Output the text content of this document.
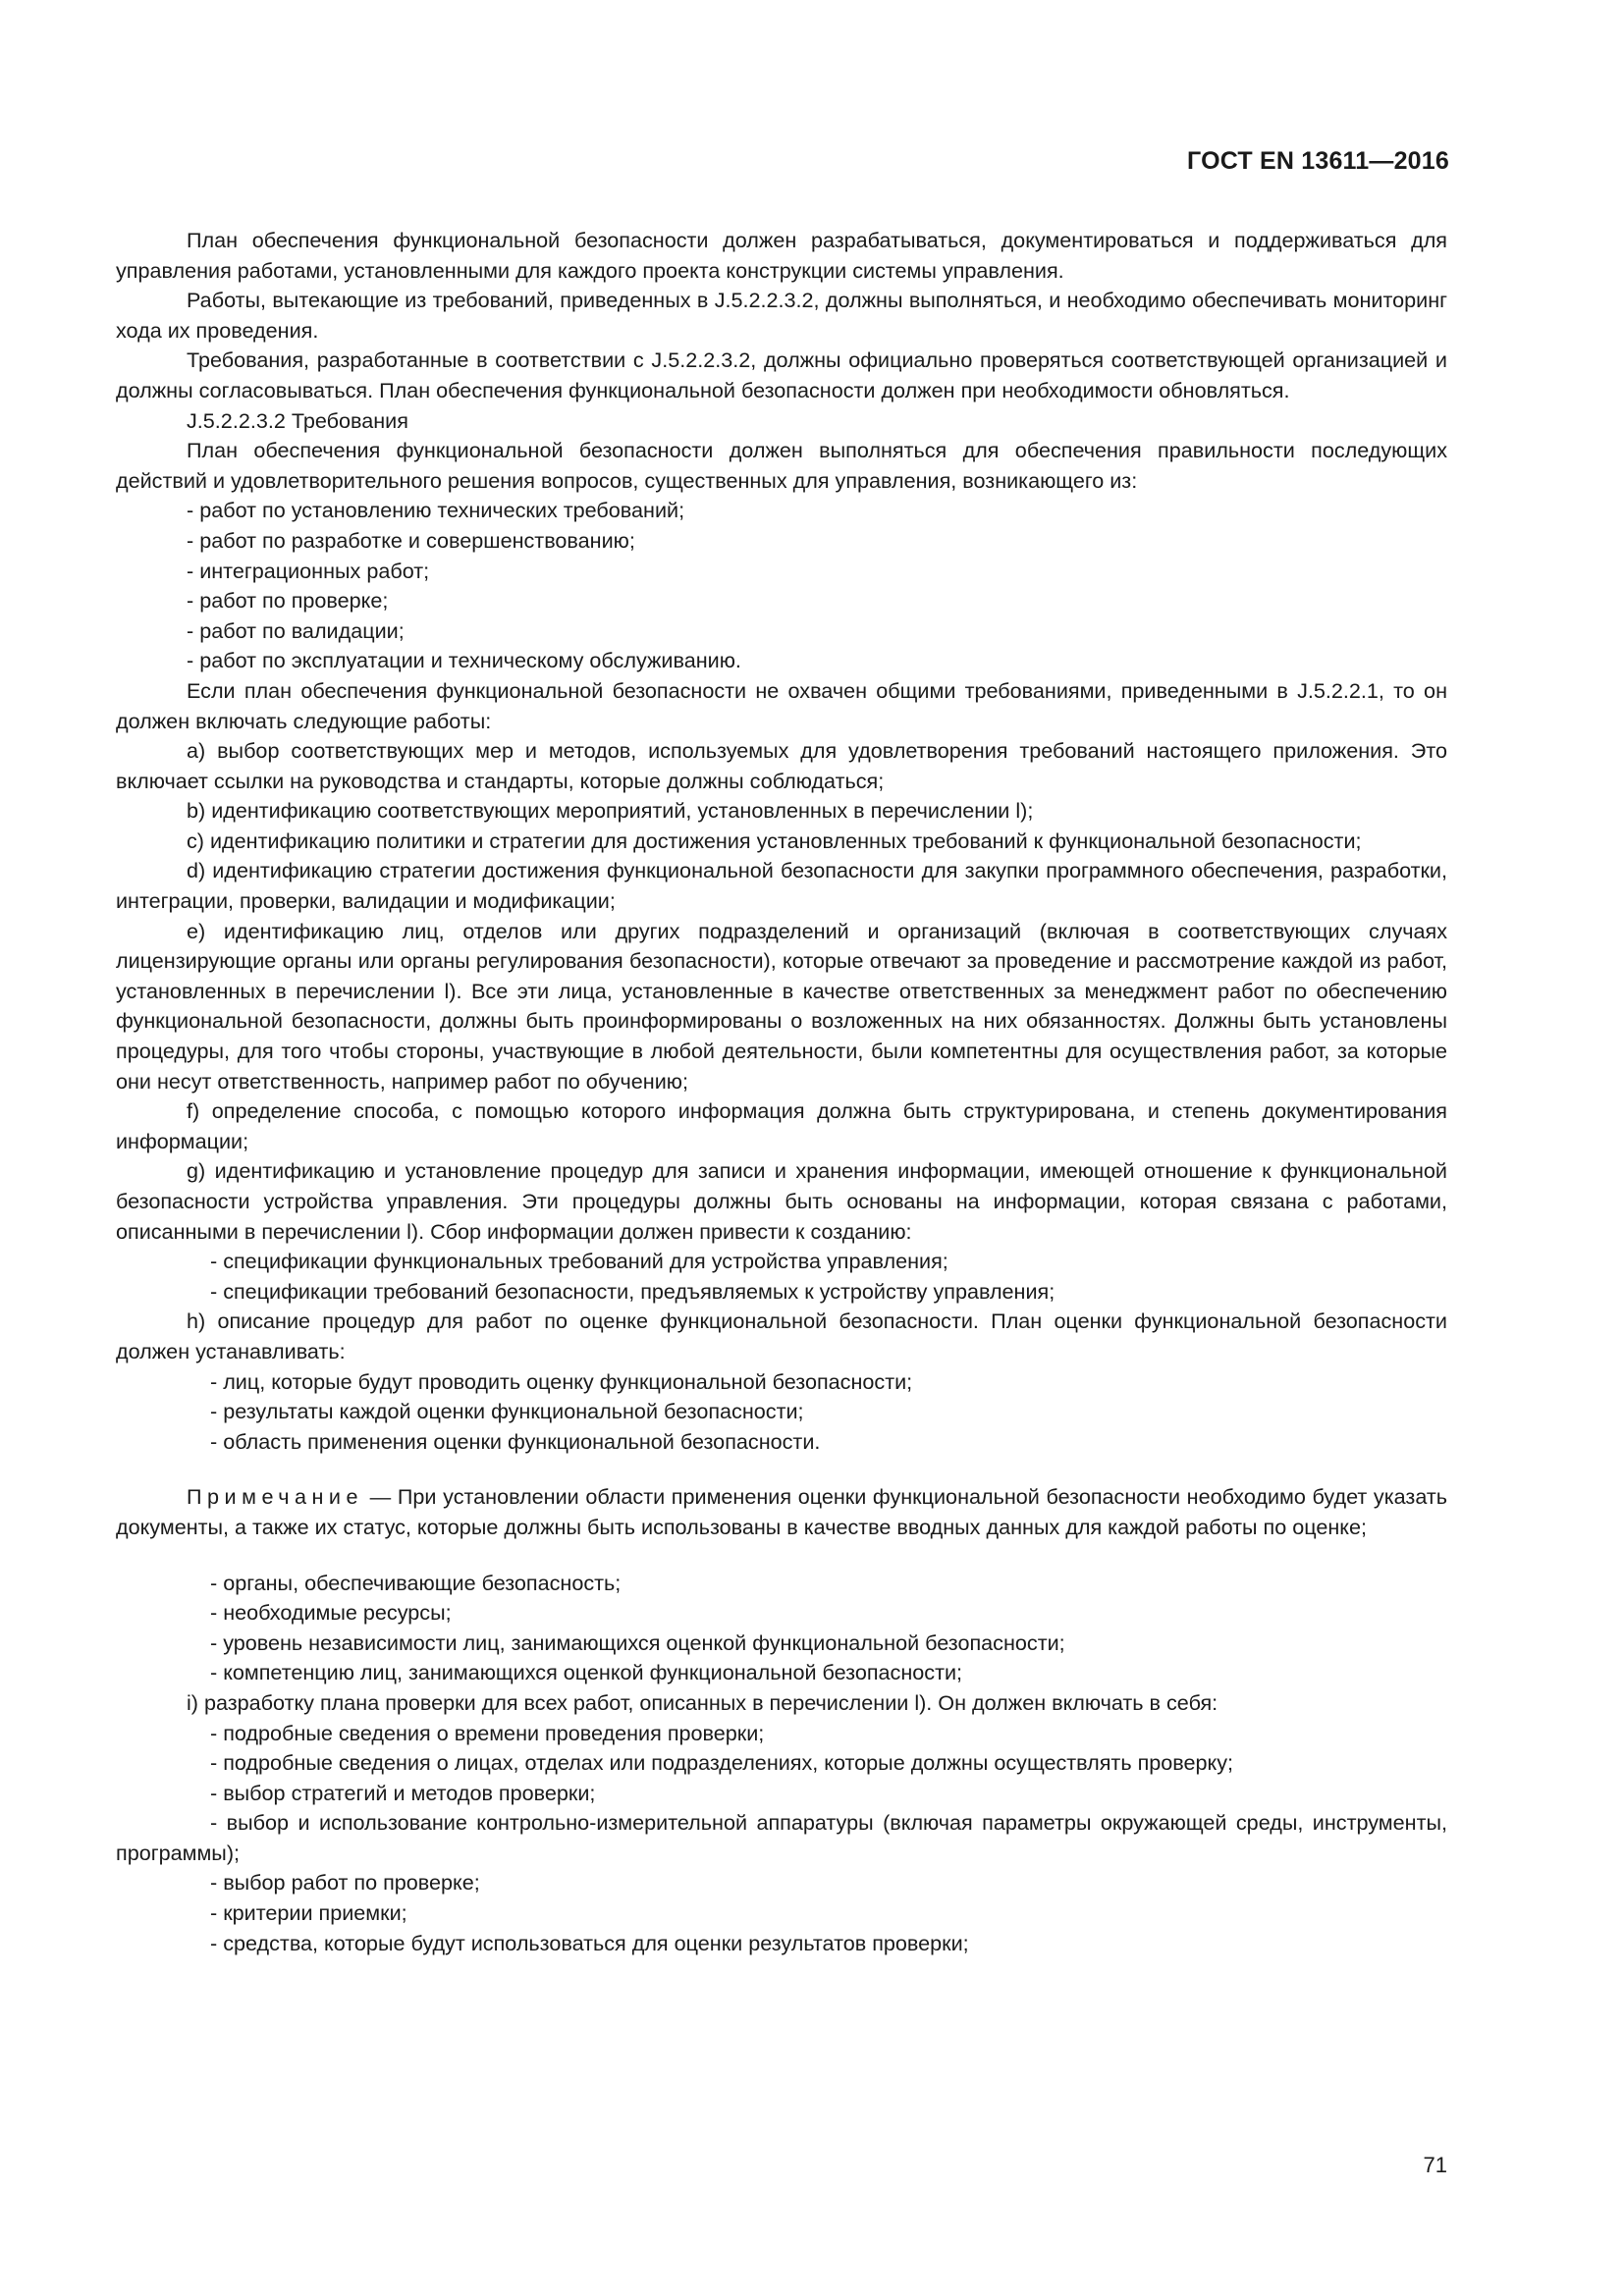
ГОСТ EN 13611—2016

План обеспечения функциональной безопасности должен разрабатываться, документироваться и поддерживаться для управления работами, установленными для каждого проекта конструкции системы управления.

Работы, вытекающие из требований, приведенных в J.5.2.2.3.2, должны выполняться, и необходимо обеспечивать мониторинг хода их проведения.

Требования, разработанные в соответствии с J.5.2.2.3.2, должны официально проверяться соответствующей организацией и должны согласовываться. План обеспечения функциональной безопасности должен при необходимости обновляться.

J.5.2.2.3.2 Требования

План обеспечения функциональной безопасности должен выполняться для обеспечения правильности последующих действий и удовлетворительного решения вопросов, существенных для управления, возникающего из:

- работ по установлению технических требований;

- работ по разработке и совершенствованию;

- интеграционных работ;

- работ по проверке;

- работ по валидации;

- работ по эксплуатации и техническому обслуживанию.

Если план обеспечения функциональной безопасности не охвачен общими требованиями, приведенными в J.5.2.2.1, то он должен включать следующие работы:

a) выбор соответствующих мер и методов, используемых для удовлетворения требований настоящего приложения. Это включает ссылки на руководства и стандарты, которые должны соблюдаться;

b) идентификацию соответствующих мероприятий, установленных в перечислении l);

c) идентификацию политики и стратегии для достижения установленных требований к функциональной безопасности;

d) идентификацию стратегии достижения функциональной безопасности для закупки программного обеспечения, разработки, интеграции, проверки, валидации и модификации;

e) идентификацию лиц, отделов или других подразделений и организаций (включая в соответствующих случаях лицензирующие органы или органы регулирования безопасности), которые отвечают за проведение и рассмотрение каждой из работ, установленных в перечислении l). Все эти лица, установленные в качестве ответственных за менеджмент работ по обеспечению функциональной безопасности, должны быть проинформированы о возложенных на них обязанностях. Должны быть установлены процедуры, для того чтобы стороны, участвующие в любой деятельности, были компетентны для осуществления работ, за которые они несут ответственность, например работ по обучению;

f) определение способа, с помощью которого информация должна быть структурирована, и степень документирования информации;

g) идентификацию и установление процедур для записи и хранения информации, имеющей отношение к функциональной безопасности устройства управления. Эти процедуры должны быть основаны на информации, которая связана с работами, описанными в перечислении l). Сбор информации должен привести к созданию:

- спецификации функциональных требований для устройства управления;

- спецификации требований безопасности, предъявляемых к устройству управления;

h) описание процедур для работ по оценке функциональной безопасности. План оценки функциональной безопасности должен устанавливать:

- лиц, которые будут проводить оценку функциональной безопасности;

- результаты каждой оценки функциональной безопасности;

- область применения оценки функциональной безопасности.

Примечание — При установлении области применения оценки функциональной безопасности необходимо будет указать документы, а также их статус, которые должны быть использованы в качестве вводных данных для каждой работы по оценке;

- органы, обеспечивающие безопасность;

- необходимые ресурсы;

- уровень независимости лиц, занимающихся оценкой функциональной безопасности;

- компетенцию лиц, занимающихся оценкой функциональной безопасности;

i) разработку плана проверки для всех работ, описанных в перечислении l). Он должен включать в себя:

- подробные сведения о времени проведения проверки;

- подробные сведения о лицах, отделах или подразделениях, которые должны осуществлять проверку;

- выбор стратегий и методов проверки;

- выбор и использование контрольно-измерительной аппаратуры (включая параметры окружающей среды, инструменты, программы);

- выбор работ по проверке;

- критерии приемки;

- средства, которые будут использоваться для оценки результатов проверки;

71
